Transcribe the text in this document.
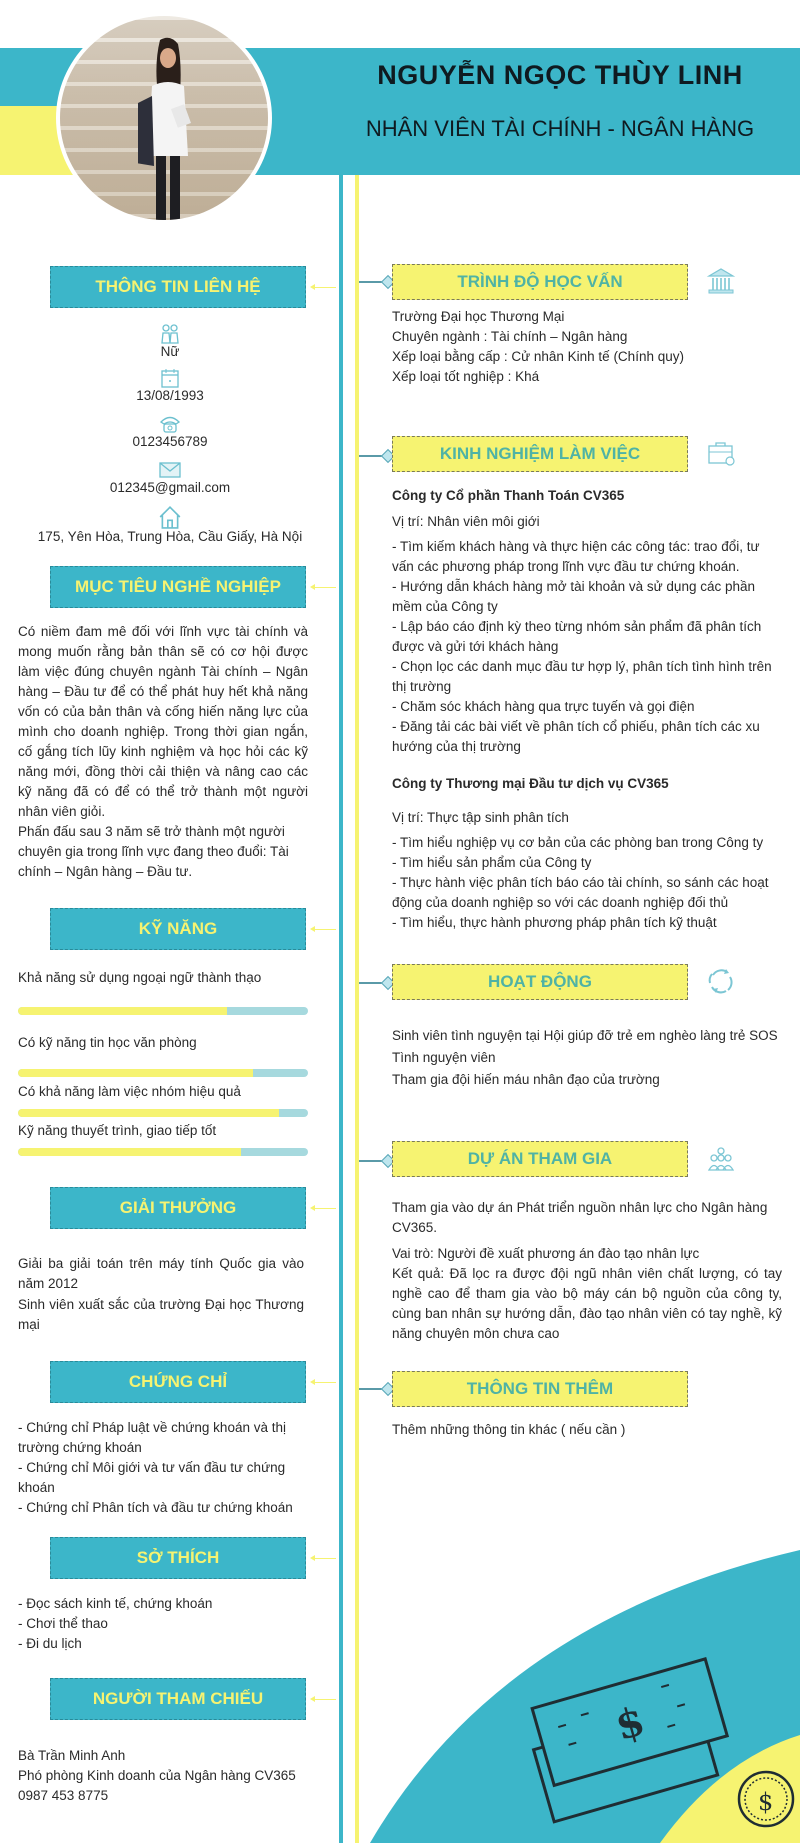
NGUYỄN NGỌC THÙY LINH
NHÂN VIÊN TÀI CHÍNH - NGÂN HÀNG
THÔNG TIN LIÊN HỆ
Nữ
13/08/1993
0123456789
012345@gmail.com
175, Yên Hòa, Trung Hòa, Cầu Giấy, Hà Nội
MỤC TIÊU NGHỀ NGHIỆP

Có niềm đam mê đối với lĩnh vực tài chính và mong muốn rằng bản thân sẽ có cơ hội được làm việc đúng chuyên ngành Tài chính – Ngân hàng – Đầu tư để có thể phát huy hết khả năng vốn có của bản thân và cống hiến năng lực của mình cho doanh nghiệp. Trong thời gian ngắn, cố gắng tích lũy kinh nghiệm và học hỏi các kỹ năng mới, đồng thời cải thiện và nâng cao các kỹ năng đã có để có thể trở thành một người nhân viên giỏi.

Phấn đấu sau 3 năm sẽ trở thành một người chuyên gia trong lĩnh vực đang theo đuổi: Tài chính – Ngân hàng – Đầu tư.

KỸ NĂNG
Khả năng sử dụng ngoại ngữ thành thạo
Có kỹ năng tin học văn phòng
Có khả năng làm việc nhóm hiệu quả
Kỹ năng thuyết trình, giao tiếp tốt
GIẢI THƯỞNG
Giải ba giải toán trên máy tính Quốc gia vào năm 2012
Sinh viên xuất sắc của trường Đại học Thương mại
CHỨNG CHỈ

- Chứng chỉ Pháp luật về chứng khoán và thị trường chứng khoán

- Chứng chỉ Môi giới và tư vấn đầu tư chứng khoán

- Chứng chỉ Phân tích và đầu tư chứng khoán

SỞ THÍCH

- Đọc sách kinh tế, chứng khoán

- Chơi thể thao

- Đi du lịch

NGƯỜI THAM CHIẾU

Bà Trần Minh Anh

Phó phòng Kinh doanh của Ngân hàng CV365

0987 453 8775

TRÌNH ĐỘ HỌC VẤN

Trường Đại học Thương Mại

Chuyên ngành : Tài chính – Ngân hàng

Xếp loại bằng cấp : Cử nhân Kinh tế (Chính quy)

Xếp loại tốt nghiệp : Khá

KINH NGHIỆM LÀM VIỆC
Công ty Cổ phần Thanh Toán CV365
Vị trí: Nhân viên môi giới

- Tìm kiếm khách hàng và thực hiện các công tác: trao đổi, tư vấn các phương pháp trong lĩnh vực đầu tư chứng khoán.

- Hướng dẫn khách hàng mở tài khoản và sử dụng các phần mềm của Công ty

- Lập báo cáo định kỳ theo từng nhóm sản phẩm đã phân tích được và gửi tới khách hàng

- Chọn lọc các danh mục đầu tư hợp lý, phân tích tình hình trên thị trường

- Chăm sóc khách hàng qua trực tuyến và gọi điện

- Đăng tải các bài viết về phân tích cổ phiếu, phân tích các xu hướng của thị trường

Công ty Thương mại Đầu tư dịch vụ CV365
Vị trí: Thực tập sinh phân tích

- Tìm hiểu nghiệp vụ cơ bản của các phòng ban trong Công ty

- Tìm hiểu sản phẩm của Công ty

- Thực hành việc phân tích báo cáo tài chính, so sánh các hoạt động của doanh nghiệp so với các doanh nghiệp đối thủ

- Tìm hiểu, thực hành phương pháp phân tích kỹ thuật

HOẠT ĐỘNG

Sinh viên tình nguyện tại Hội giúp đỡ trẻ em nghèo làng trẻ SOS

Tình nguyện viên

Tham gia đội hiến máu nhân đạo của trường

DỰ ÁN THAM GIA

Tham gia vào dự án Phát triển nguồn nhân lực cho Ngân hàng CV365.

Vai trò: Người đề xuất phương án đào tạo nhân lực

Kết quả: Đã lọc ra được đội ngũ nhân viên chất lượng, có tay nghề cao để tham gia vào bộ máy cán bộ nguồn của công ty, cùng ban nhân sự hướng dẫn, đào tạo nhân viên có tay nghề, kỹ năng chuyên môn chưa cao

THÔNG TIN THÊM
Thêm những thông tin khác ( nếu cần )
$
$
